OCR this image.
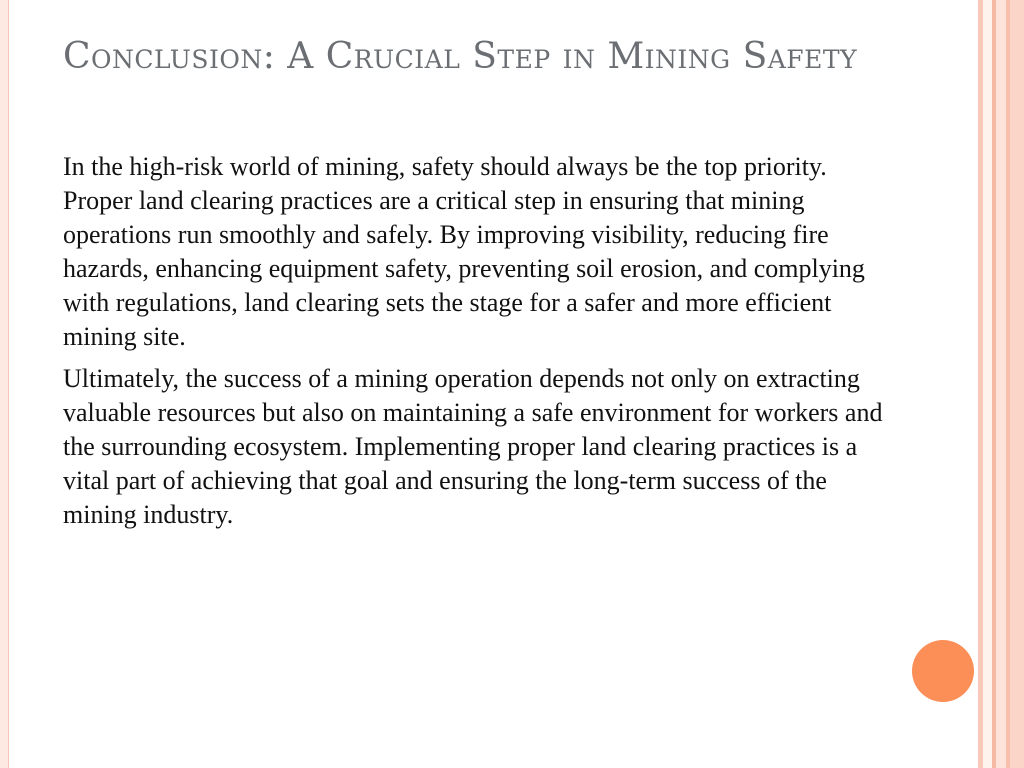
Conclusion: A Crucial Step in Mining Safety

In the high-risk world of mining, safety should always be the top priority. Proper land clearing practices are a critical step in ensuring that mining operations run smoothly and safely. By improving visibility, reducing fire hazards, enhancing equipment safety, preventing soil erosion, and complying with regulations, land clearing sets the stage for a safer and more efficient mining site.

Ultimately, the success of a mining operation depends not only on extracting valuable resources but also on maintaining a safe environment for workers and the surrounding ecosystem. Implementing proper land clearing practices is a vital part of achieving that goal and ensuring the long-term success of the mining industry.
